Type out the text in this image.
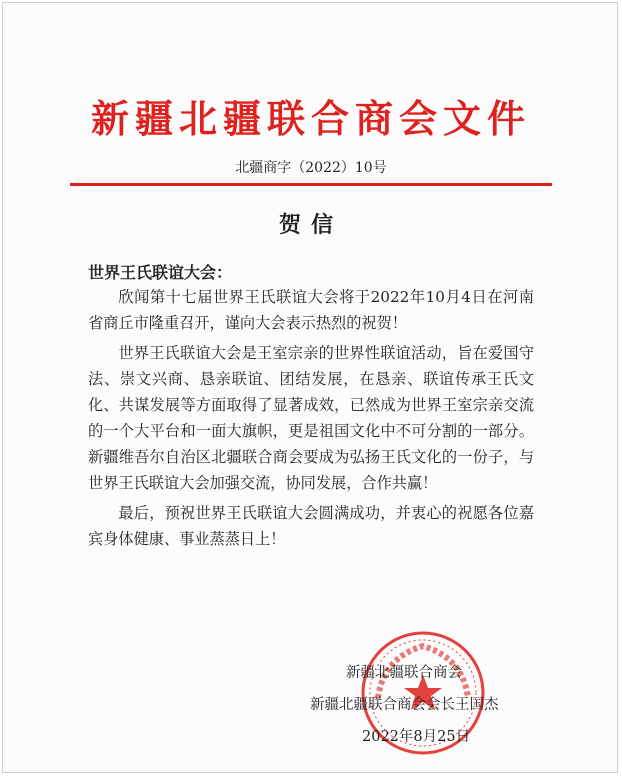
新疆北疆联合商会文件
北疆商字（2022）10号
贺信
世界王氏联谊大会：

欣闻第十七届世界王氏联谊大会将于2022年10月4日在河南省商丘市隆重召开，谨向大会表示热烈的祝贺！

世界王氏联谊大会是王室宗亲的世界性联谊活动，旨在爱国守法、崇文兴商、恳亲联谊、团结发展，在恳亲、联谊传承王氏文化、共谋发展等方面取得了显著成效，已然成为世界王室宗亲交流的一个大平台和一面大旗帜，更是祖国文化中不可分割的一部分。新疆维吾尔自治区北疆联合商会要成为弘扬王氏文化的一份子，与世界王氏联谊大会加强交流，协同发展，合作共赢！

最后，预祝世界王氏联谊大会圆满成功，并衷心的祝愿各位嘉宾身体健康、事业蒸蒸日上！

新疆北疆联合商会
新疆北疆联合商会会长王国杰
2022年8月25日
